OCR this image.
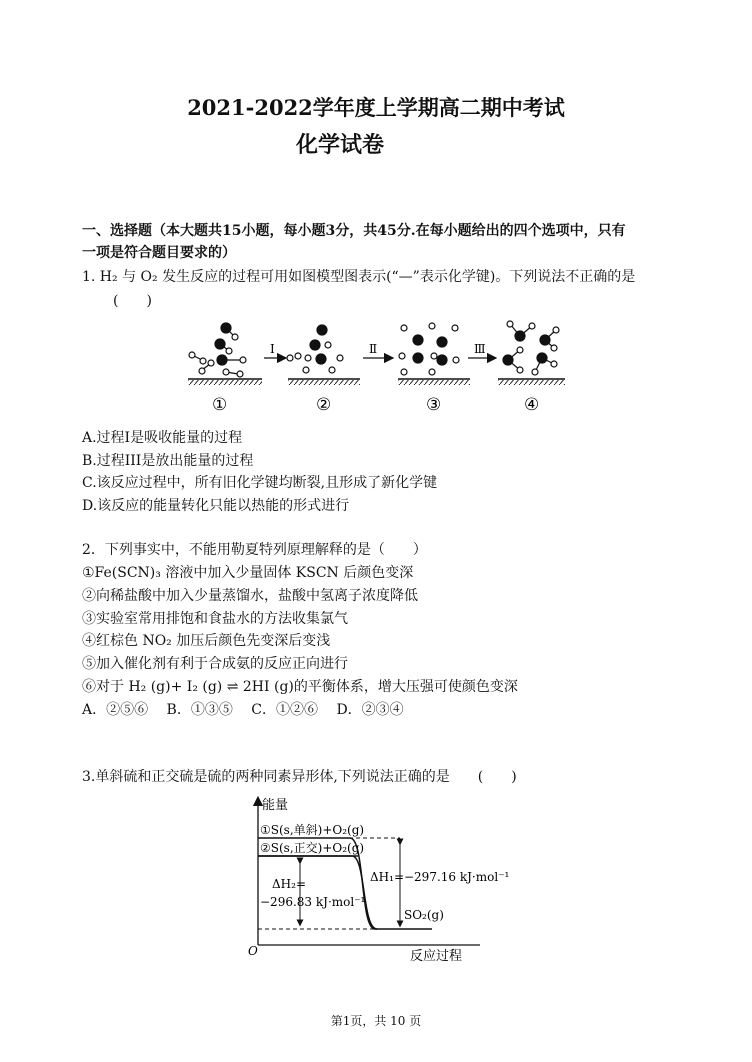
2021-2022学年度上学期高二期中考试
化学试卷
一、选择题（本大题共15小题，每小题3分，共45分.在每小题给出的四个选项中，只有
一项是符合题目要求的）
1. H₂ 与 O₂ 发生反应的过程可用如图模型图表示(“—”表示化学键)。下列说法不正确的是
(　　)
Ⅰ	Ⅱ	Ⅲ
①	②	③	④
A.过程I是吸收能量的过程
B.过程III是放出能量的过程
C.该反应过程中，所有旧化学键均断裂,且形成了新化学键
D.该反应的能量转化只能以热能的形式进行
2．下列事实中，不能用勒夏特列原理解释的是（　　）
①Fe(SCN)₃ 溶液中加入少量固体 KSCN 后颜色变深
②向稀盐酸中加入少量蒸馏水，盐酸中氢离子浓度降低
③实验室常用排饱和食盐水的方法收集氯气
④红棕色 NO₂ 加压后颜色先变深后变浅
⑤加入催化剂有利于合成氨的反应正向进行
⑥对于 H₂ (g)+ I₂ (g) ⇌ 2HI (g)的平衡体系，增大压强可使颜色变深
A．②⑤⑥　 B．①③⑤　 C．①②⑥　 D．②③④
3.单斜硫和正交硫是硫的两种同素异形体,下列说法正确的是　　(　　)
能量
反应过程
O
①S(s,单斜)+O₂(g)
②S(s,正交)+O₂(g)
ΔH₂=
−296.83 kJ·mol⁻¹
ΔH₁=−297.16 kJ·mol⁻¹
SO₂(g)
第1页，共 10 页
